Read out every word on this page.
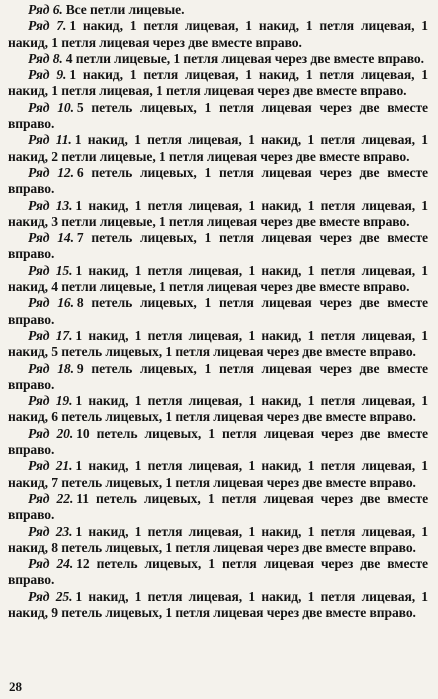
Ряд 6. Все петли лицевые.

Ряд 7. 1 накид, 1 петля лицевая, 1 накид, 1 петля лицевая, 1 накид, 1 петля лицевая через две вместе вправо.

Ряд 8. 4 петли лицевые, 1 петля лицевая через две вместе вправо.

Ряд 9. 1 накид, 1 петля лицевая, 1 накид, 1 петля лицевая, 1 накид, 1 петля лицевая, 1 петля лицевая через две вместе вправо.

Ряд 10. 5 петель лицевых, 1 петля лицевая через две вместе вправо.

Ряд 11. 1 накид, 1 петля лицевая, 1 накид, 1 петля лицевая, 1 накид, 2 петли лицевые, 1 петля лицевая через две вместе вправо.

Ряд 12. 6 петель лицевых, 1 петля лицевая через две вместе вправо.

Ряд 13. 1 накид, 1 петля лицевая, 1 накид, 1 петля лицевая, 1 накид, 3 петли лицевые, 1 петля лицевая через две вместе вправо.

Ряд 14. 7 петель лицевых, 1 петля лицевая через две вместе вправо.

Ряд 15. 1 накид, 1 петля лицевая, 1 накид, 1 петля лицевая, 1 накид, 4 петли лицевые, 1 петля лицевая через две вместе вправо.

Ряд 16. 8 петель лицевых, 1 петля лицевая через две вместе вправо.

Ряд 17. 1 накид, 1 петля лицевая, 1 накид, 1 петля лицевая, 1 накид, 5 петель лицевых, 1 петля лицевая через две вместе вправо.

Ряд 18. 9 петель лицевых, 1 петля лицевая через две вместе вправо.

Ряд 19. 1 накид, 1 петля лицевая, 1 накид, 1 петля лицевая, 1 накид, 6 петель лицевых, 1 петля лицевая через две вместе вправо.

Ряд 20. 10 петель лицевых, 1 петля лицевая через две вместе вправо.

Ряд 21. 1 накид, 1 петля лицевая, 1 накид, 1 петля лицевая, 1 накид, 7 петель лицевых, 1 петля лицевая через две вместе вправо.

Ряд 22. 11 петель лицевых, 1 петля лицевая через две вместе вправо.

Ряд 23. 1 накид, 1 петля лицевая, 1 накид, 1 петля лицевая, 1 накид, 8 петель лицевых, 1 петля лицевая через две вместе вправо.

Ряд 24. 12 петель лицевых, 1 петля лицевая через две вместе вправо.

Ряд 25. 1 накид, 1 петля лицевая, 1 накид, 1 петля лицевая, 1 накид, 9 петель лицевых, 1 петля лицевая через две вместе вправо.

28
